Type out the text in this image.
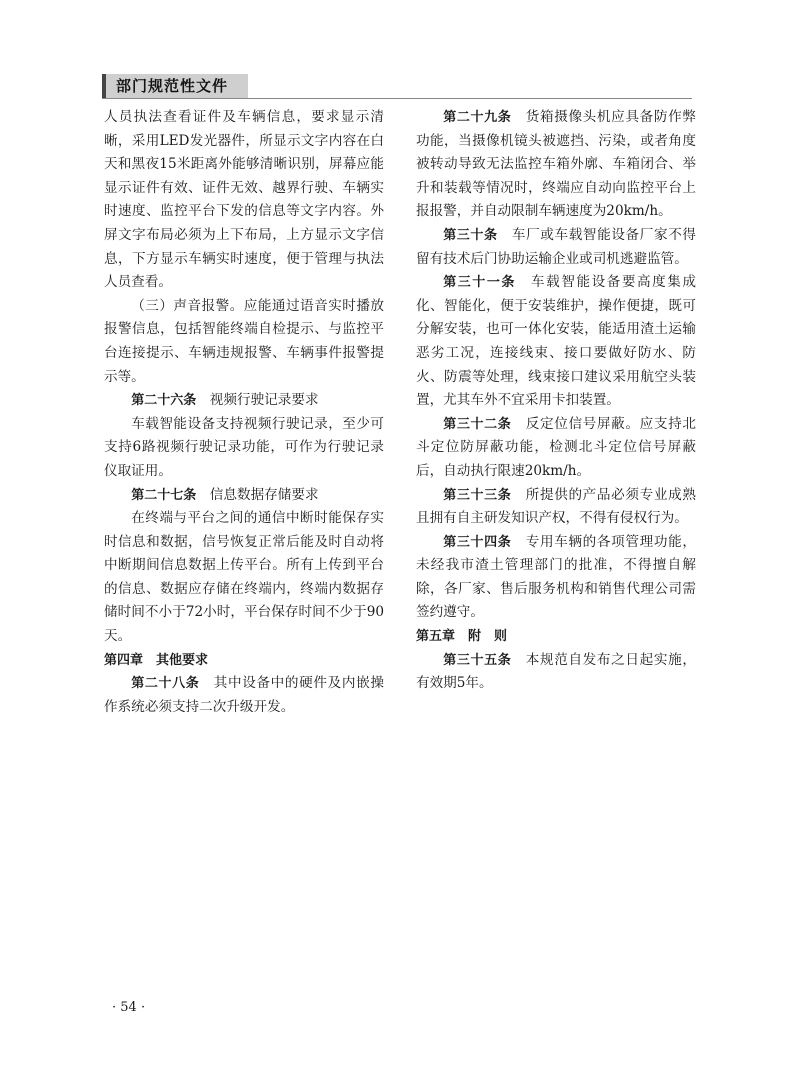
部门规范性文件

人员执法查看证件及车辆信息，要求显示清晰，采用LED发光器件，所显示文字内容在白天和黑夜15米距离外能够清晰识别，屏幕应能显示证件有效、证件无效、越界行驶、车辆实时速度、监控平台下发的信息等文字内容。外屏文字布局必须为上下布局，上方显示文字信息，下方显示车辆实时速度，便于管理与执法人员查看。

（三）声音报警。应能通过语音实时播放报警信息，包括智能终端自检提示、与监控平台连接提示、车辆违规报警、车辆事件报警提示等。

第二十六条　 视频行驶记录要求

车载智能设备支持视频行驶记录，至少可支持6路视频行驶记录功能，可作为行驶记录仪取证用。

第二十七条　 信息数据存储要求

在终端与平台之间的通信中断时能保存实时信息和数据，信号恢复正常后能及时自动将中断期间信息数据上传平台。所有上传到平台的信息、数据应存储在终端内，终端内数据存储时间不小于72小时，平台保存时间不少于90天。

第四章　其他要求

第二十八条　 其中设备中的硬件及内嵌操作系统必须支持二次升级开发。

第二十九条　 货箱摄像头机应具备防作弊功能，当摄像机镜头被遮挡、污染，或者角度被转动导致无法监控车箱外廓、车箱闭合、举升和装载等情况时，终端应自动向监控平台上报报警，并自动限制车辆速度为20km/h。

第三十条　 车厂或车载智能设备厂家不得留有技术后门协助运输企业或司机逃避监管。

第三十一条　 车载智能设备要高度集成化、智能化，便于安装维护，操作便捷，既可分解安装，也可一体化安装，能适用渣土运输恶劣工况，连接线束、接口要做好防水、防火、防震等处理，线束接口建议采用航空头装置，尤其车外不宜采用卡扣装置。

第三十二条　 反定位信号屏蔽。应支持北斗定位防屏蔽功能，检测北斗定位信号屏蔽后，自动执行限速20km/h。

第三十三条　 所提供的产品必须专业成熟且拥有自主研发知识产权，不得有侵权行为。

第三十四条　 专用车辆的各项管理功能，未经我市渣土管理部门的批准，不得擅自解除，各厂家、售后服务机构和销售代理公司需签约遵守。

第五章　附　则

第三十五条　 本规范自发布之日起实施，有效期5年。

· 54 ·
